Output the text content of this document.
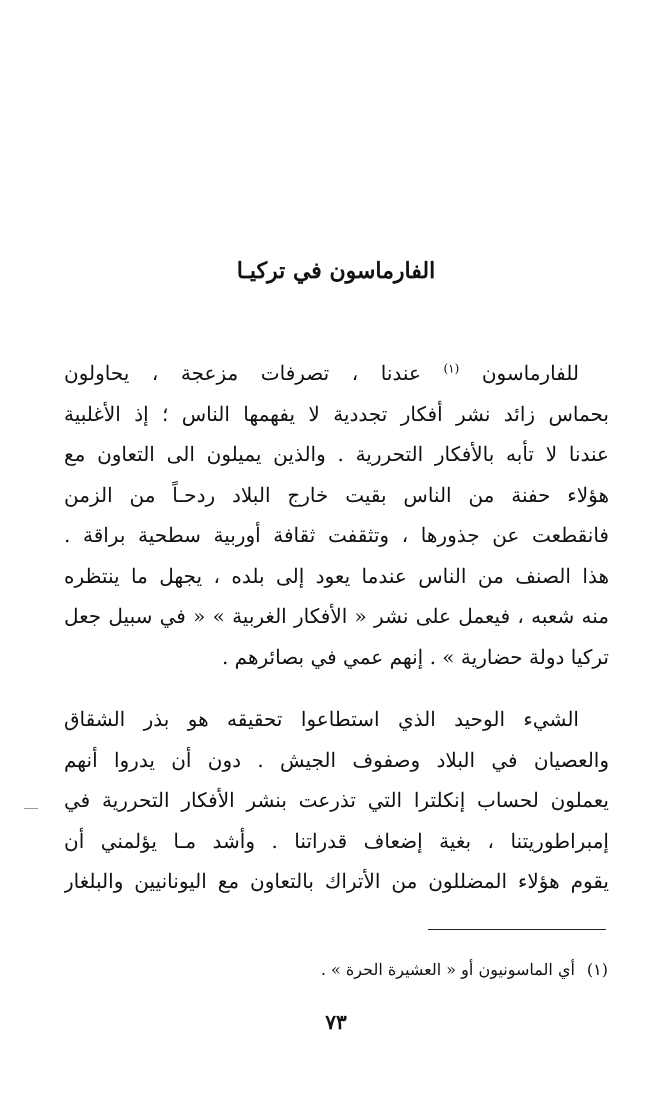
الفارماسون في تركيـا
للفارماسون $^{(١)}$ عندنا ، تصرفات مزعجة ، يحاولون
بحماس زائد نشر أفكار تجددية لا يفهمها الناس ؛ إذ الأغلبية
عندنا لا تأبه بالأفكار التحررية . والذين يميلون الى التعاون مع
هؤلاء حفنة من الناس بقيت خارج البلاد ردحـاً من الزمن
فانقطعت عن جذورها ، وتثقفت ثقافة أوربية سطحية براقة .
هذا الصنف من الناس عندما يعود إلى بلده ، يجهل ما ينتظره
منه شعبه ، فيعمل على نشر « الأفكار الغربية » « في سبيل جعل
تركيا دولة حضارية » . إنهم عمي في بصائرهم .
الشيء الوحيد الذي استطاعوا تحقيقه هو بذر الشقاق
والعصيان في البلاد وصفوف الجيش . دون أن يدروا أنهم
يعملون لحساب إنكلترا التي تذرعت بنشر الأفكار التحررية في
إمبراطوريتنا ، بغية إضعاف قدراتنا . وأشد مـا يؤلمني أن
يقوم هؤلاء المضللون من الأتراك بالتعاون مع اليونانيين والبلغار
(١)أي الماسونيون أو « العشيرة الحرة » .
٧٣
